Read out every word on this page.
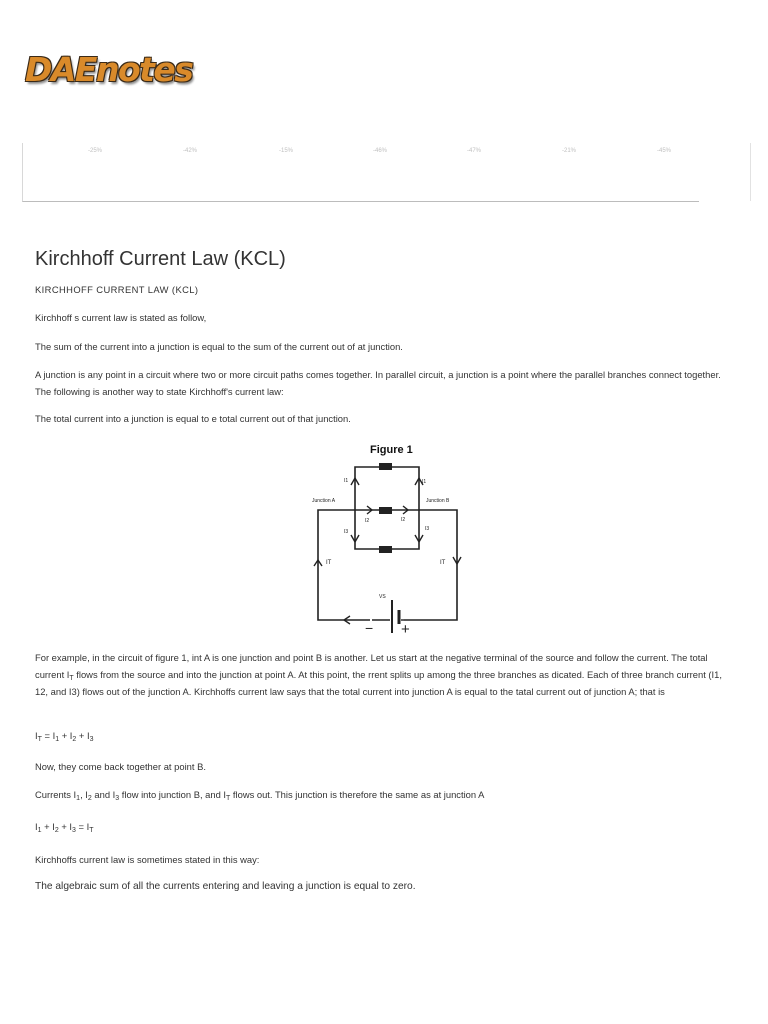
DAEnotes
-25%	-42%	-15%	-46%	-47%	-21%	-45%
Kirchhoff Current Law (KCL)

KIRCHHOFF CURRENT LAW (KCL)

Kirchhoff s current law is stated as follow,

The sum of the current into a junction is equal to the sum of the current out of at junction.

A junction is any point in a circuit where two or more circuit paths comes together. In parallel circuit, a junction is a point where the parallel branches connect together. The following is another way to state Kirchhoff's current law:

The total current into a junction is equal to e total current out of that junction.

Figure 1
Junction A	Junction B
I1	I1
I2	I2
I3	I3
IT	IT
VS
− +

For example, in the circuit of figure 1, int A is one junction and point B is another. Let us start at the negative terminal of the source and follow the current. The total current $I_T$ flows from the source and into the junction at point A. At this point, the rrent splits up among the three branches as dicated. Each of three branch current (I1, 12, and I3) flows out of the junction A. Kirchhoffs current law says that the total current into junction A is equal to the tatal current out of junction A; that is

$I_T = I_1 + I_2 + I_3$

Now, they come back together at point B.

Currents $I_1$, $I_2$ and $I_3$ flow into junction B, and $I_T$ flows out. This junction is therefore the same as at junction A

$I_1 + I_2 + I_3 = I_T$

Kirchhoffs current law is sometimes stated in this way:

The algebraic sum of all the currents entering and leaving a junction is equal to zero.
